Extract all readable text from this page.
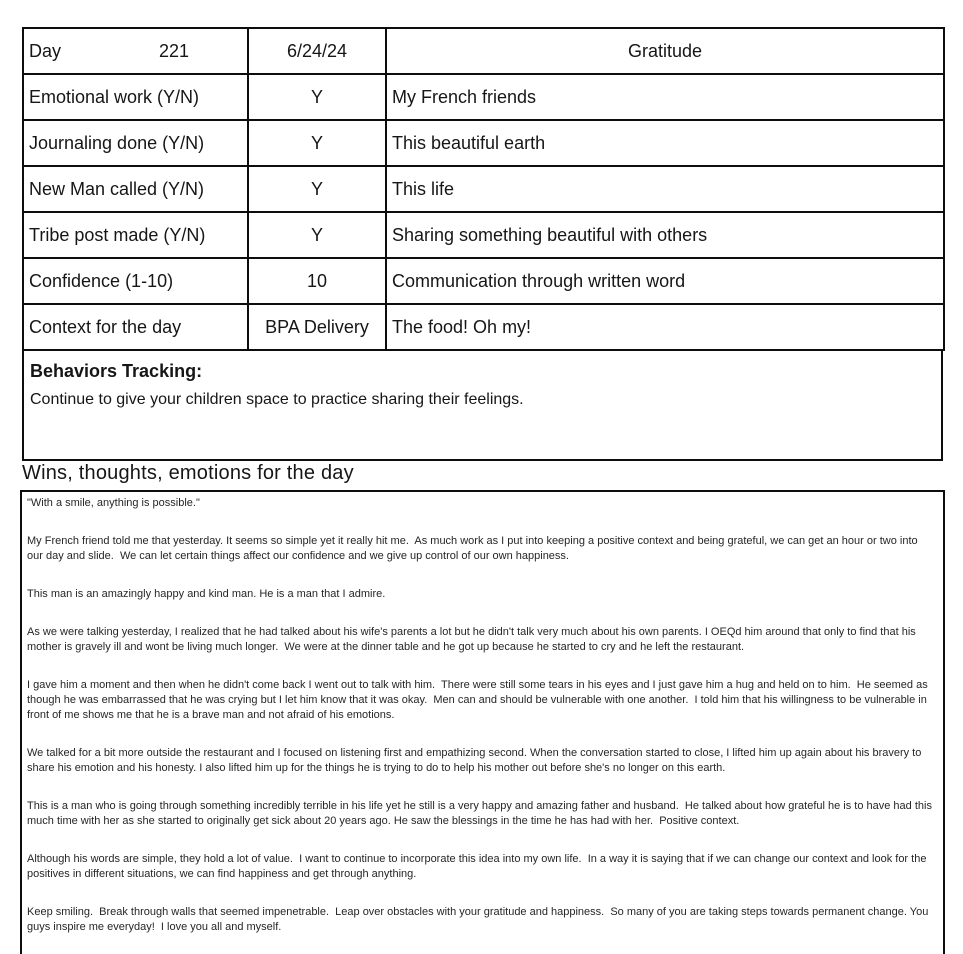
Day 221	6/24/24	Gratitude
Emotional work (Y/N)	Y	My French friends
Journaling done (Y/N)	Y	This beautiful earth
New Man called (Y/N)	Y	This life
Tribe post made (Y/N)	Y	Sharing something beautiful with others
Confidence (1-10)	10	Communication through written word
Context for the day	BPA Delivery	The food! Oh my!
Behaviors Tracking:
Continue to give your children space to practice sharing their feelings.
Wins, thoughts, emotions for the day

"With a smile, anything is possible."

My French friend told me that yesterday. It seems so simple yet it really hit me.  As much work as I put into keeping a positive context and being grateful, we can get an hour or two into our day and slide.  We can let certain things affect our confidence and we give up control of our own happiness.

This man is an amazingly happy and kind man. He is a man that I admire.

As we were talking yesterday, I realized that he had talked about his wife's parents a lot but he didn't talk very much about his own parents. I OEQd him around that only to find that his mother is gravely ill and wont be living much longer.  We were at the dinner table and he got up because he started to cry and he left the restaurant.

I gave him a moment and then when he didn't come back I went out to talk with him.  There were still some tears in his eyes and I just gave him a hug and held on to him.  He seemed as though he was embarrassed that he was crying but I let him know that it was okay.  Men can and should be vulnerable with one another.  I told him that his willingness to be vulnerable in front of me shows me that he is a brave man and not afraid of his emotions.

We talked for a bit more outside the restaurant and I focused on listening first and empathizing second. When the conversation started to close, I lifted him up again about his bravery to share his emotion and his honesty. I also lifted him up for the things he is trying to do to help his mother out before she's no longer on this earth.

This is a man who is going through something incredibly terrible in his life yet he still is a very happy and amazing father and husband.  He talked about how grateful he is to have had this much time with her as she started to originally get sick about 20 years ago. He saw the blessings in the time he has had with her.  Positive context.

Although his words are simple, they hold a lot of value.  I want to continue to incorporate this idea into my own life.  In a way it is saying that if we can change our context and look for the positives in different situations, we can find happiness and get through anything.

Keep smiling.  Break through walls that seemed impenetrable.  Leap over obstacles with your gratitude and happiness.  So many of you are taking steps towards permanent change. You guys inspire me everyday!  I love you all and myself.
